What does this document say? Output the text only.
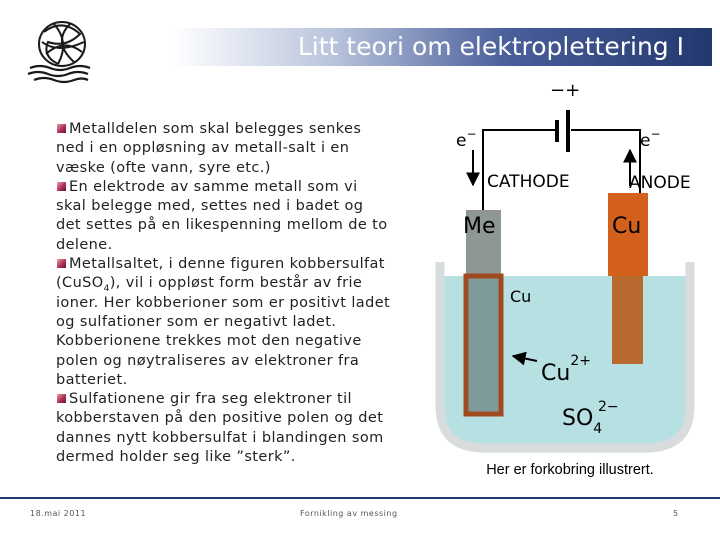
Litt teori om elektroplettering I

Metalldelen som skal belegges senkes ned i en oppløsning av metall-salt i en væske (ofte vann, syre etc.)

En elektrode av samme metall som vi skal belegge med, settes ned i badet og det settes på en likespenning mellom de to delene.

Metallsaltet, i denne figuren kobbersulfat (CuSO$_4$), vil i oppløst form består av frie ioner. Her kobberioner som er positivt ladet og sulfationer som er negativt ladet. Kobberionene trekkes mot den negative polen og nøytraliseres av elektroner fra batteriet.

Sulfationene gir fra seg elektroner til kobberstaven på den positive polen og det dannes nytt kobbersulfat i blandingen som dermed holder seg like ”sterk”.

−+
e−	e−
CATHODE	ANODE
Me	Cu
Cu
$Cu^{2+}$
$SO_42-$
Her er forkobring illustrert.
18.mai 2011	Fornikling av messing	5
